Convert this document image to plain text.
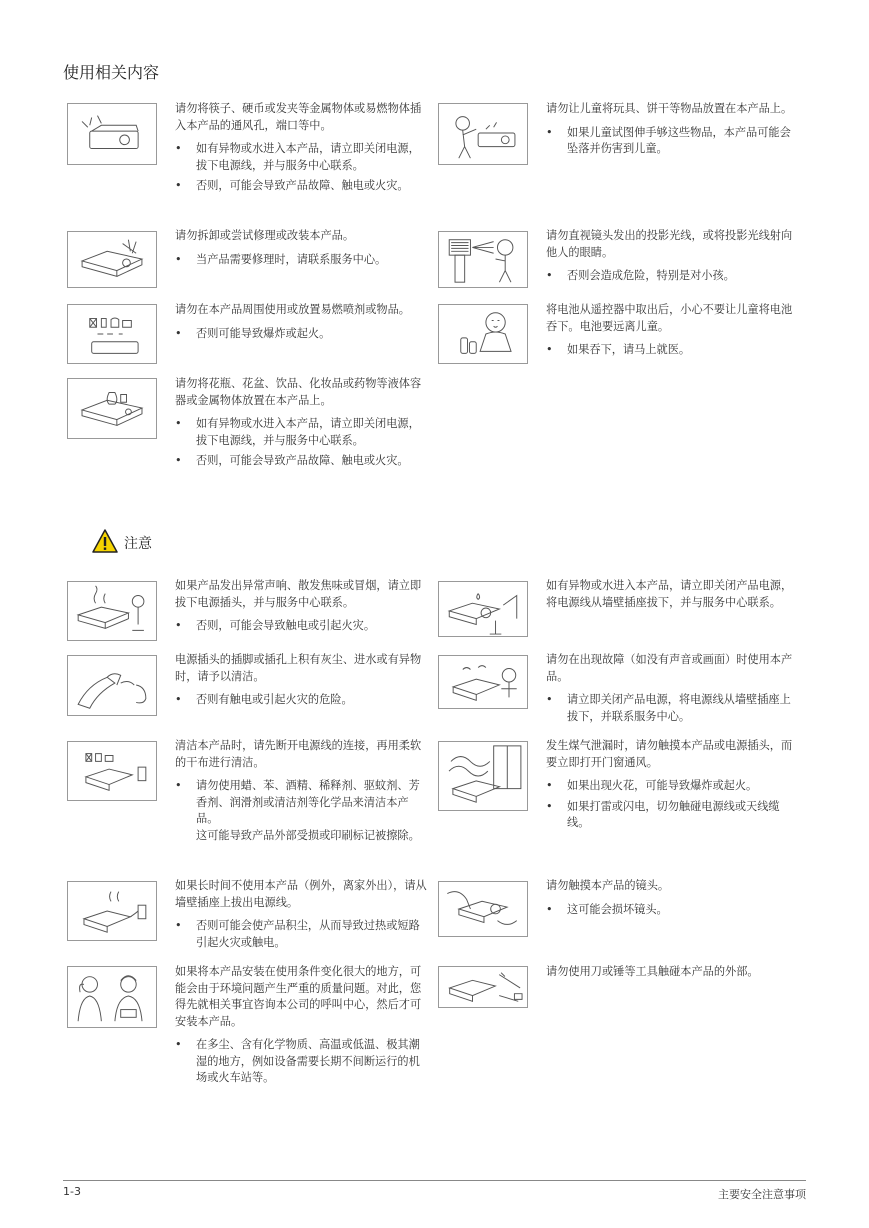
使用相关内容

请勿将筷子、硬币或发夹等金属物体或易燃物体插入本产品的通风孔，端口等中。

• 如有异物或水进入本产品，请立即关闭电源，拔下电源线，并与服务中心联系。
• 否则，可能会导致产品故障、触电或火灾。

请勿让儿童将玩具、饼干等物品放置在本产品上。

• 如果儿童试图伸手够这些物品，本产品可能会坠落并伤害到儿童。

请勿拆卸或尝试修理或改装本产品。

• 当产品需要修理时，请联系服务中心。

请勿直视镜头发出的投影光线，或将投影光线射向他人的眼睛。

• 否则会造成危险，特别是对小孩。

请勿在本产品周围使用或放置易燃喷剂或物品。

• 否则可能导致爆炸或起火。

将电池从遥控器中取出后，小心不要让儿童将电池吞下。电池要远离儿童。

• 如果吞下，请马上就医。

请勿将花瓶、花盆、饮品、化妆品或药物等液体容器或金属物体放置在本产品上。

• 如有异物或水进入本产品，请立即关闭电源，拔下电源线，并与服务中心联系。
• 否则，可能会导致产品故障、触电或火灾。
注意

如果产品发出异常声响、散发焦味或冒烟，请立即拔下电源插头，并与服务中心联系。

• 否则，可能会导致触电或引起火灾。

如有异物或水进入本产品，请立即关闭产品电源，将电源线从墙壁插座拔下，并与服务中心联系。

电源插头的插脚或插孔上积有灰尘、进水或有异物时，请予以清洁。

• 否则有触电或引起火灾的危险。

请勿在出现故障（如没有声音或画面）时使用本产品。

• 请立即关闭产品电源，将电源线从墙壁插座上拔下，并联系服务中心。

清洁本产品时，请先断开电源线的连接，再用柔软的干布进行清洁。

• 请勿使用蜡、苯、酒精、稀释剂、驱蚊剂、芳香剂、润滑剂或清洁剂等化学品来清洁本产品。
这可能导致产品外部受损或印刷标记被擦除。

发生煤气泄漏时，请勿触摸本产品或电源插头，而要立即打开门窗通风。

• 如果出现火花，可能导致爆炸或起火。
• 如果打雷或闪电，切勿触碰电源线或天线缆线。

如果长时间不使用本产品（例外，离家外出），请从墙壁插座上拔出电源线。

• 否则可能会使产品积尘，从而导致过热或短路引起火灾或触电。

请勿触摸本产品的镜头。

• 这可能会损坏镜头。

如果将本产品安装在使用条件变化很大的地方，可能会由于环境问题产生严重的质量问题。对此，您得先就相关事宜咨询本公司的呼叫中心，然后才可安装本产品。

• 在多尘、含有化学物质、高温或低温、极其潮湿的地方，例如设备需要长期不间断运行的机场或火车站等。

请勿使用刀或锤等工具触碰本产品的外部。

1-3	主要安全注意事项
